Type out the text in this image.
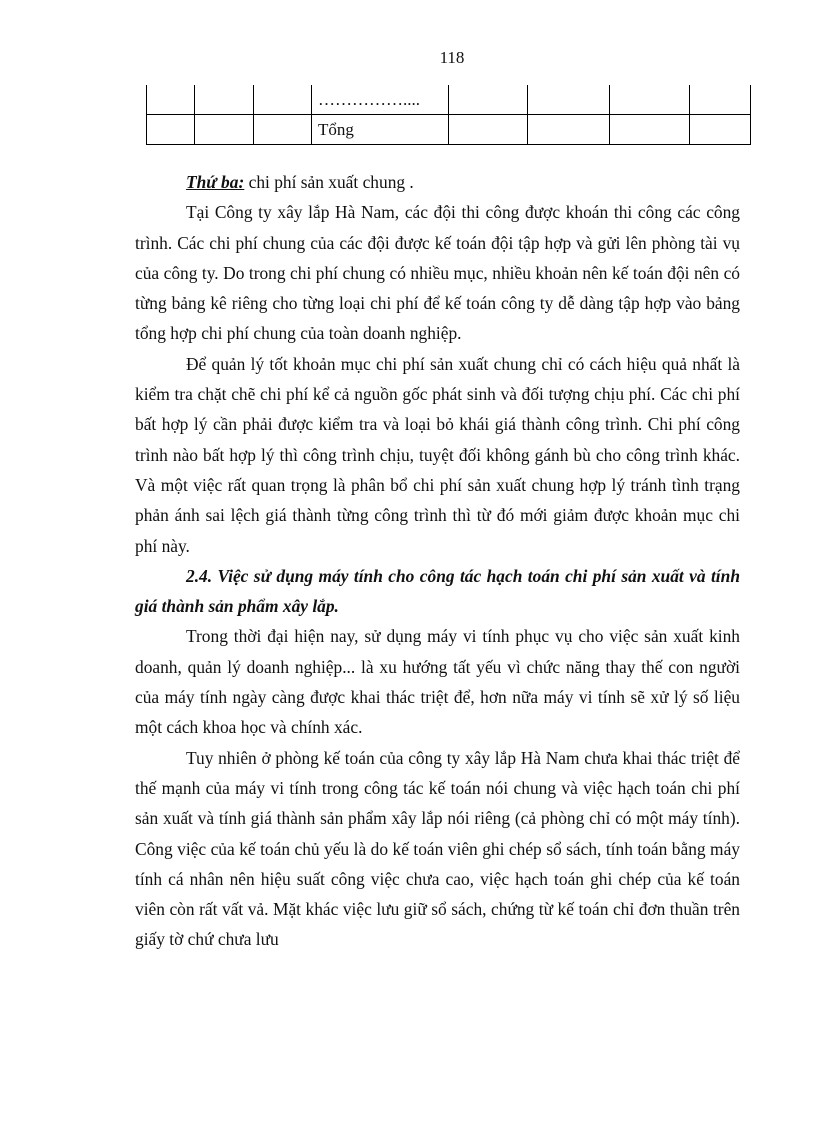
118
			……………....				
			Tổng				

Thứ ba: chi phí sản xuất chung .

Tại Công ty xây lắp Hà Nam, các đội thi công được khoán thi công các công trình. Các chi phí chung của các đội được kế toán đội tập hợp và gửi lên phòng tài vụ của công ty. Do trong chi phí chung có nhiều mục, nhiều khoản nên kế toán đội nên có từng bảng kê riêng cho từng loại chi phí để kế toán công ty dễ dàng tập hợp vào bảng tổng hợp chi phí chung của toàn doanh nghiệp.

Để quản lý tốt khoản mục chi phí sản xuất chung chỉ có cách hiệu quả nhất là kiểm tra chặt chẽ chi phí kể cả nguồn gốc phát sinh và đối tượng chịu phí. Các chi phí bất hợp lý cần phải được kiểm tra và loại bỏ khái giá thành công trình. Chi phí công trình nào bất hợp lý thì công trình chịu, tuyệt đối không gánh bù cho công trình khác. Và một việc rất quan trọng là phân bổ chi phí sản xuất chung hợp lý tránh tình trạng phản ánh sai lệch giá thành từng công trình thì từ đó mới giảm được khoản mục chi phí này.

2.4. Việc sử dụng máy tính cho công tác hạch toán chi phí sản xuất và tính giá thành sản phẩm xây lắp.

Trong thời đại hiện nay, sử dụng máy vi tính phục vụ cho việc sản xuất kinh doanh, quản lý doanh nghiệp... là xu hướng tất yếu vì chức năng thay thế con người của máy tính ngày càng được khai thác triệt để, hơn nữa máy vi tính sẽ xử lý số liệu một cách khoa học và chính xác.

Tuy nhiên ở phòng kế toán của công ty xây lắp Hà Nam chưa khai thác triệt để thế mạnh của máy vi tính trong công tác kế toán nói chung và việc hạch toán chi phí sản xuất và tính giá thành sản phẩm xây lắp nói riêng (cả phòng chỉ có một máy tính). Công việc của kế toán chủ yếu là do kế toán viên ghi chép sổ sách, tính toán bằng máy tính cá nhân nên hiệu suất công việc chưa cao, việc hạch toán ghi chép của kế toán viên còn rất vất vả. Mặt khác việc lưu giữ sổ sách, chứng từ kế toán chỉ đơn thuần trên giấy tờ chứ chưa lưu
